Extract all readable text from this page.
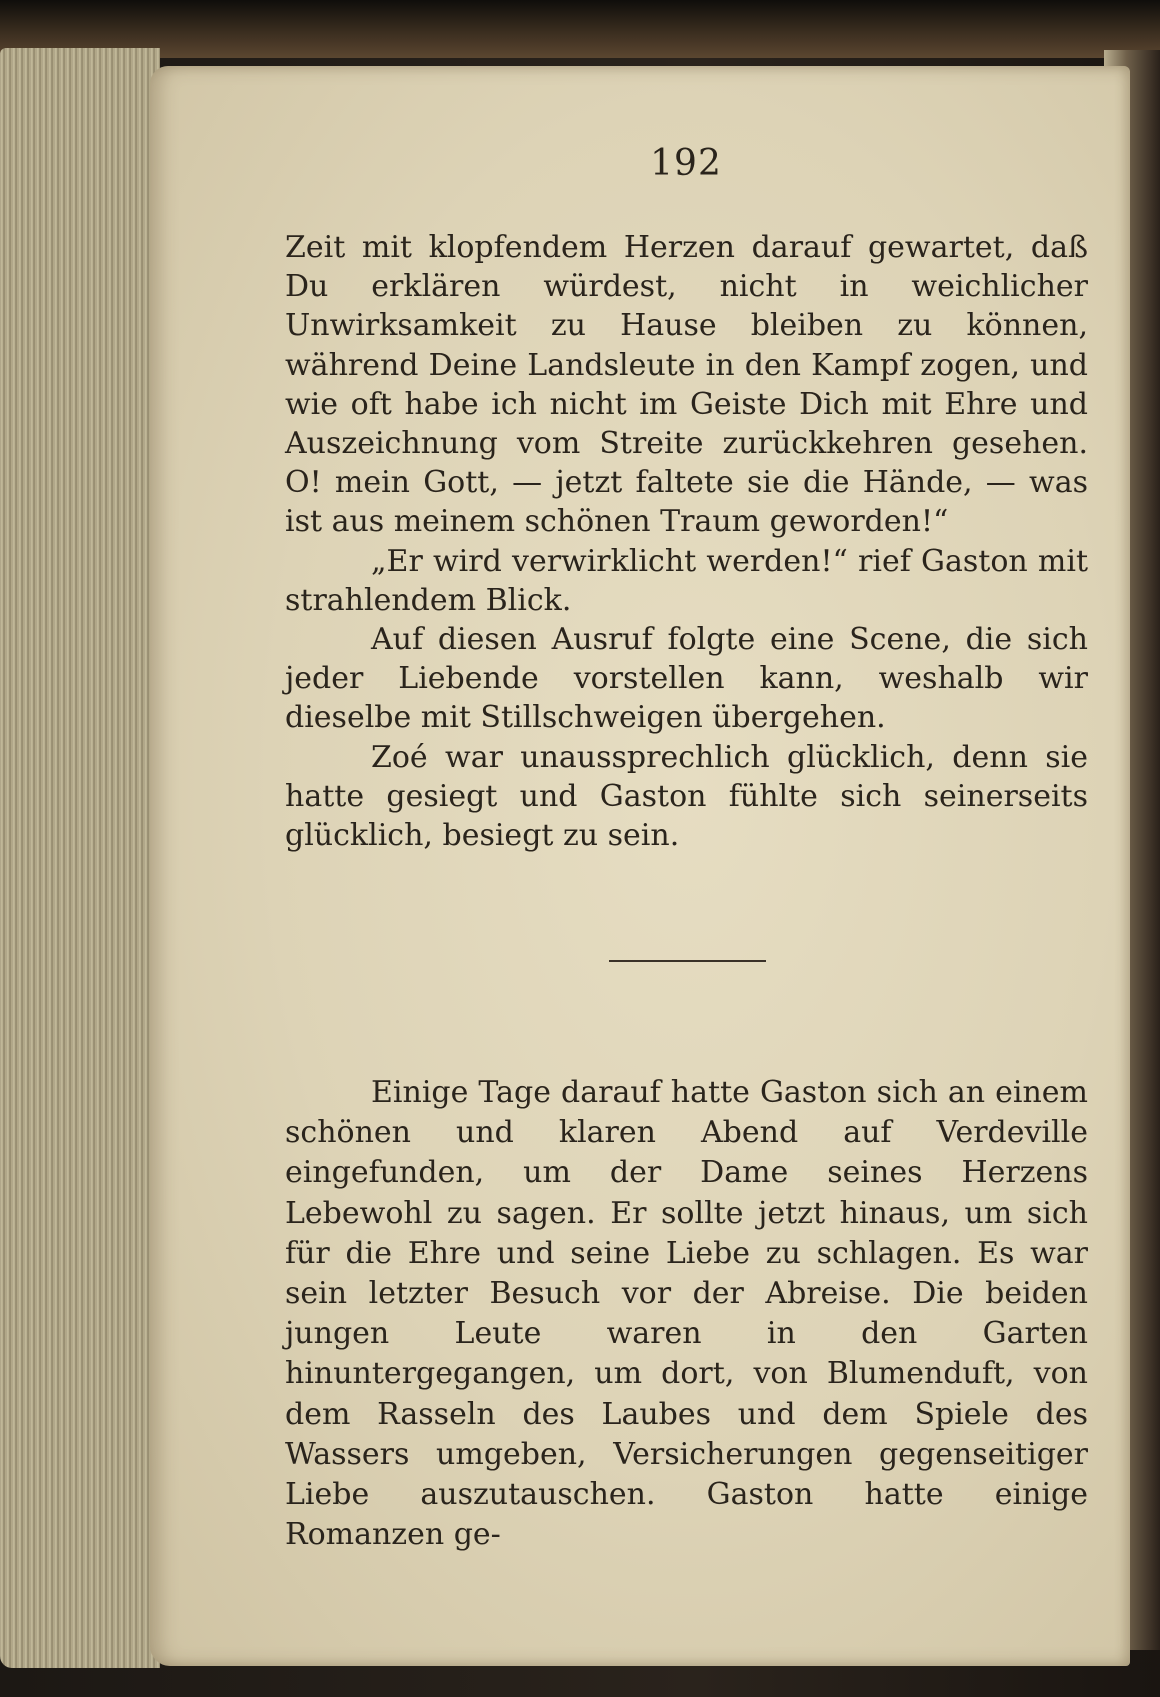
192

Zeit mit klopfendem Herzen darauf gewartet, daß Du erklären würdest, nicht in weichlicher Unwirksamkeit zu Hause bleiben zu können, während Deine Landsleute in den Kampf zogen, und wie oft habe ich nicht im Geiste Dich mit Ehre und Auszeichnung vom Streite zurückkehren gesehen. O! mein Gott, — jetzt faltete sie die Hände, — was ist aus meinem schönen Traum geworden!“

„Er wird verwirklicht werden!“ rief Gaston mit strahlendem Blick.

Auf diesen Ausruf folgte eine Scene, die sich jeder Liebende vorstellen kann, weshalb wir dieselbe mit Stillschweigen übergehen.

Zoé war unaussprechlich glücklich, denn sie hatte gesiegt und Gaston fühlte sich seinerseits glücklich, besiegt zu sein.

Einige Tage darauf hatte Gaston sich an einem schönen und klaren Abend auf Verdeville eingefunden, um der Dame seines Herzens Lebewohl zu sagen. Er sollte jetzt hinaus, um sich für die Ehre und seine Liebe zu schlagen. Es war sein letzter Besuch vor der Abreise. Die beiden jungen Leute waren in den Garten hinuntergegangen, um dort, von Blumenduft, von dem Rasseln des Laubes und dem Spiele des Wassers umgeben, Versicherungen gegenseitiger Liebe auszutauschen. Gaston hatte einige Romanzen ge-
